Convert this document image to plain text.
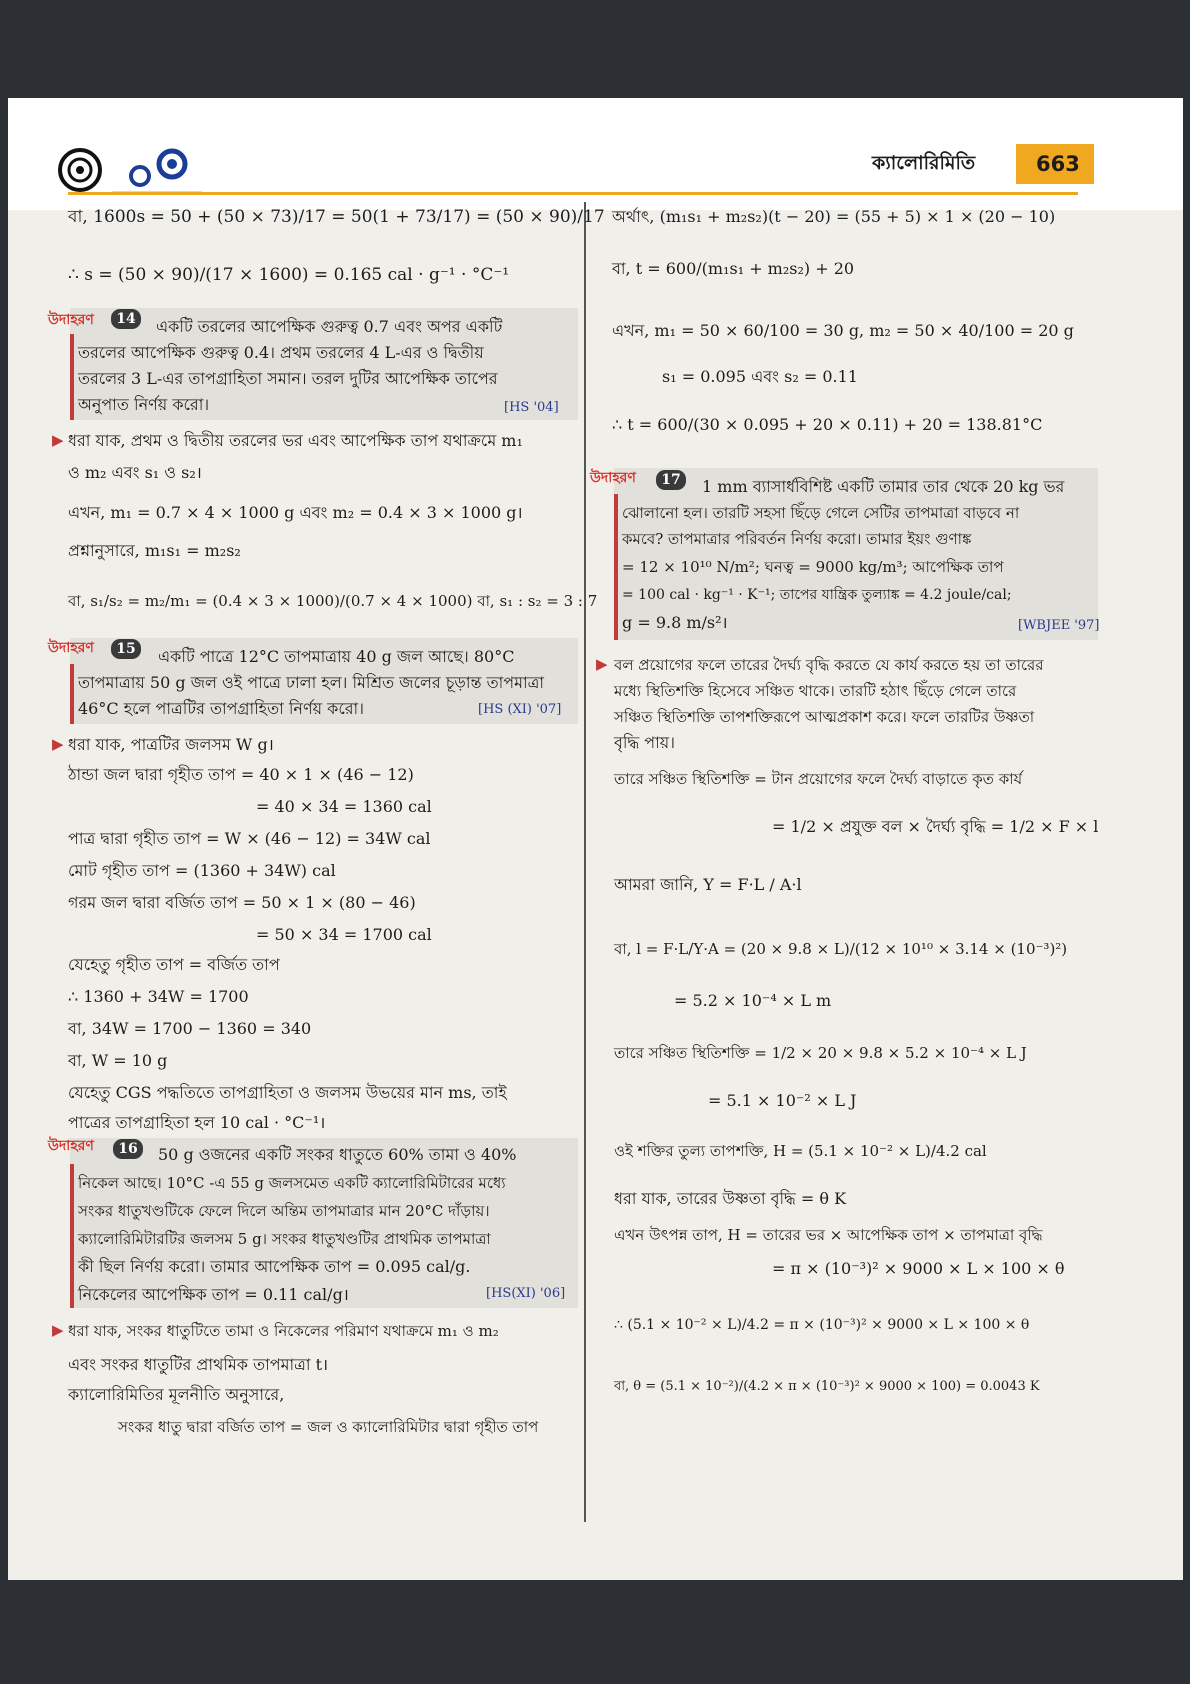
ক্যালোরিমিতি	663
বা, 1600s = 50 + (50 × 73)/17 = 50(1 + 73/17) = (50 × 90)/17
∴ s = (50 × 90)/(17 × 1600) = 0.165 cal · g⁻¹ · °C⁻¹
উদাহরণ	14	একটি তরলের আপেক্ষিক গুরুত্ব 0.7 এবং অপর একটি
তরলের আপেক্ষিক গুরুত্ব 0.4। প্রথম তরলের 4 L-এর ও দ্বিতীয়
তরলের 3 L-এর তাপগ্রাহিতা সমান। তরল দুটির আপেক্ষিক তাপের
অনুপাত নির্ণয় করো।	[HS '04]
▶ ধরা যাক, প্রথম ও দ্বিতীয় তরলের ভর এবং আপেক্ষিক তাপ যথাক্রমে m₁
ও m₂ এবং s₁ ও s₂।
এখন, m₁ = 0.7 × 4 × 1000 g এবং m₂ = 0.4 × 3 × 1000 g।
প্রশ্নানুসারে, m₁s₁ = m₂s₂
বা, s₁/s₂ = m₂/m₁ = (0.4 × 3 × 1000)/(0.7 × 4 × 1000) বা, s₁ : s₂ = 3 : 7
উদাহরণ	15	একটি পাত্রে 12°C তাপমাত্রায় 40 g জল আছে। 80°C
তাপমাত্রায় 50 g জল ওই পাত্রে ঢালা হল। মিশ্রিত জলের চূড়ান্ত তাপমাত্রা
46°C হলে পাত্রটির তাপগ্রাহিতা নির্ণয় করো।	[HS (XI) '07]
▶ ধরা যাক, পাত্রটির জলসম W g।
ঠান্ডা জল দ্বারা গৃহীত তাপ = 40 × 1 × (46 − 12)
= 40 × 34 = 1360 cal
পাত্র দ্বারা গৃহীত তাপ = W × (46 − 12) = 34W cal
মোট গৃহীত তাপ = (1360 + 34W) cal
গরম জল দ্বারা বর্জিত তাপ = 50 × 1 × (80 − 46)
= 50 × 34 = 1700 cal
যেহেতু গৃহীত তাপ = বর্জিত তাপ
∴ 1360 + 34W = 1700
বা, 34W = 1700 − 1360 = 340
বা, W = 10 g
যেহেতু CGS পদ্ধতিতে তাপগ্রাহিতা ও জলসম উভয়ের মান ms, তাই
পাত্রের তাপগ্রাহিতা হল 10 cal · °C⁻¹।
উদাহরণ	16	50 g ওজনের একটি সংকর ধাতুতে 60% তামা ও 40%
নিকেল আছে। 10°C -এ 55 g জলসমেত একটি ক্যালোরিমিটারের মধ্যে
সংকর ধাতুখণ্ডটিকে ফেলে দিলে অন্তিম তাপমাত্রার মান 20°C দাঁড়ায়।
ক্যালোরিমিটারটির জলসম 5 g। সংকর ধাতুখণ্ডটির প্রাথমিক তাপমাত্রা
কী ছিল নির্ণয় করো। তামার আপেক্ষিক তাপ = 0.095 cal/g.
নিকেলের আপেক্ষিক তাপ = 0.11 cal/g।	[HS(XI) '06]
▶ ধরা যাক, সংকর ধাতুটিতে তামা ও নিকেলের পরিমাণ যথাক্রমে m₁ ও m₂
এবং সংকর ধাতুটির প্রাথমিক তাপমাত্রা t।
ক্যালোরিমিতির মূলনীতি অনুসারে,
সংকর ধাতু দ্বারা বর্জিত তাপ = জল ও ক্যালোরিমিটার দ্বারা গৃহীত তাপ
অর্থাৎ, (m₁s₁ + m₂s₂)(t − 20) = (55 + 5) × 1 × (20 − 10)
বা, t = 600/(m₁s₁ + m₂s₂) + 20
এখন, m₁ = 50 × 60/100 = 30 g, m₂ = 50 × 40/100 = 20 g
s₁ = 0.095 এবং s₂ = 0.11
∴ t = 600/(30 × 0.095 + 20 × 0.11) + 20 = 138.81°C
উদাহরণ	17	1 mm ব্যাসার্ধবিশিষ্ট একটি তামার তার থেকে 20 kg ভর
ঝোলানো হল। তারটি সহসা ছিঁড়ে গেলে সেটির তাপমাত্রা বাড়বে না
কমবে? তাপমাত্রার পরিবর্তন নির্ণয় করো। তামার ইয়ং গুণাঙ্ক
= 12 × 10¹⁰ N/m²; ঘনত্ব = 9000 kg/m³; আপেক্ষিক তাপ
= 100 cal · kg⁻¹ · K⁻¹; তাপের যান্ত্রিক তুল্যাঙ্ক = 4.2 joule/cal;
g = 9.8 m/s²।	[WBJEE '97]
▶ বল প্রয়োগের ফলে তারের দৈর্ঘ্য বৃদ্ধি করতে যে কার্য করতে হয় তা তারের
মধ্যে স্থিতিশক্তি হিসেবে সঞ্চিত থাকে। তারটি হঠাৎ ছিঁড়ে গেলে তারে
সঞ্চিত স্থিতিশক্তি তাপশক্তিরূপে আত্মপ্রকাশ করে। ফলে তারটির উষ্ণতা
বৃদ্ধি পায়।
তারে সঞ্চিত স্থিতিশক্তি = টান প্রয়োগের ফলে দৈর্ঘ্য বাড়াতে কৃত কার্য
= 1/2 × প্রযুক্ত বল × দৈর্ঘ্য বৃদ্ধি = 1/2 × F × l
আমরা জানি, Y = F·L / A·l
বা, l = F·L/Y·A = (20 × 9.8 × L)/(12 × 10¹⁰ × 3.14 × (10⁻³)²)
= 5.2 × 10⁻⁴ × L m
তারে সঞ্চিত স্থিতিশক্তি = 1/2 × 20 × 9.8 × 5.2 × 10⁻⁴ × L J
= 5.1 × 10⁻² × L J
ওই শক্তির তুল্য তাপশক্তি, H = (5.1 × 10⁻² × L)/4.2 cal
ধরা যাক, তারের উষ্ণতা বৃদ্ধি = θ K
এখন উৎপন্ন তাপ, H = তারের ভর × আপেক্ষিক তাপ × তাপমাত্রা বৃদ্ধি
= π × (10⁻³)² × 9000 × L × 100 × θ
∴ (5.1 × 10⁻² × L)/4.2 = π × (10⁻³)² × 9000 × L × 100 × θ
বা, θ = (5.1 × 10⁻²)/(4.2 × π × (10⁻³)² × 9000 × 100) = 0.0043 K
